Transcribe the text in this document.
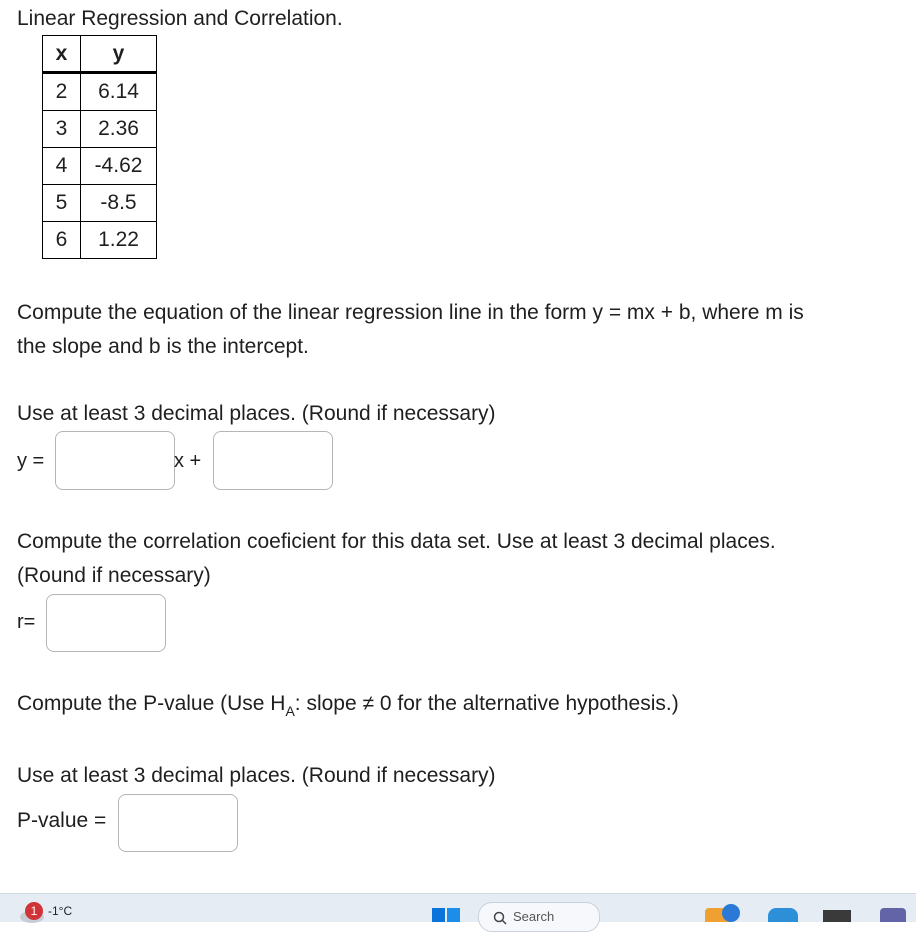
Linear Regression and Correlation.
x	y
2	6.14
3	2.36
4	-4.62
5	-8.5
6	1.22
Compute the equation of the linear regression line in the form y = mx + b, where m is
the slope and b is the intercept.
Use at least 3 decimal places. (Round if necessary)
y =	x +
Compute the correlation coeficient for this data set. Use at least 3 decimal places.
(Round if necessary)
r=
Compute the P-value (Use $H_A$: slope ≠ 0 for the alternative hypothesis.)
Use at least 3 decimal places. (Round if necessary)
P-value =
1 -1°C	Search
